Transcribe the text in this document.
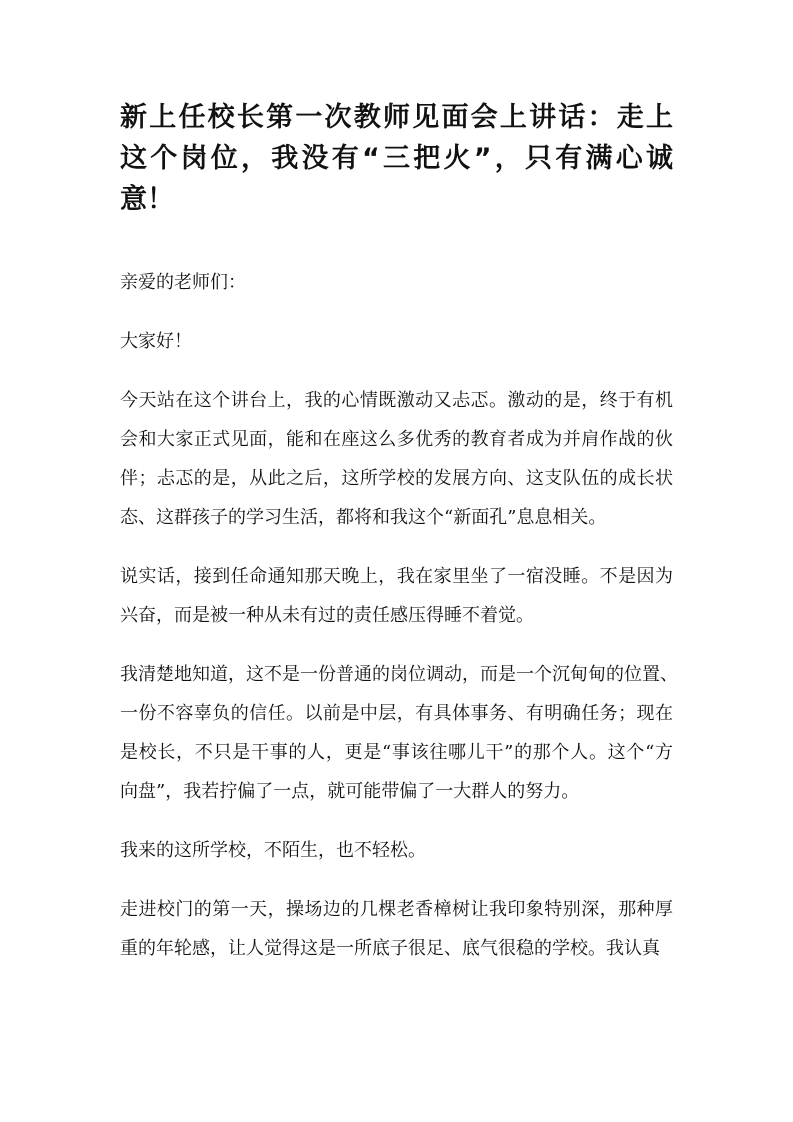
新上任校长第一次教师见面会上讲话：走上
这个岗位，我没有“三把火”，只有满心诚
意！
亲爱的老师们：
大家好！
今天站在这个讲台上，我的心情既激动又忐忑。激动的是，终于有机
会和大家正式见面，能和在座这么多优秀的教育者成为并肩作战的伙
伴；忐忑的是，从此之后，这所学校的发展方向、这支队伍的成长状
态、这群孩子的学习生活，都将和我这个“新面孔”息息相关。
说实话，接到任命通知那天晚上，我在家里坐了一宿没睡。不是因为
兴奋，而是被一种从未有过的责任感压得睡不着觉。
我清楚地知道，这不是一份普通的岗位调动，而是一个沉甸甸的位置、
一份不容辜负的信任。以前是中层，有具体事务、有明确任务；现在
是校长，不只是干事的人，更是“事该往哪儿干”的那个人。这个“方
向盘”，我若拧偏了一点，就可能带偏了一大群人的努力。
我来的这所学校，不陌生，也不轻松。
走进校门的第一天，操场边的几棵老香樟树让我印象特别深，那种厚
重的年轮感，让人觉得这是一所底子很足、底气很稳的学校。我认真
